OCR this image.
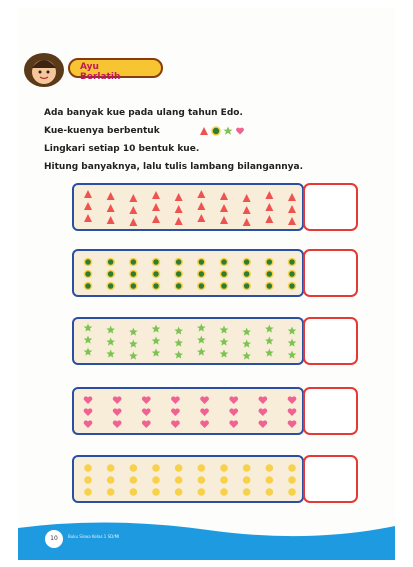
Ayu Berlatih
Ada banyak kue pada ulang tahun Edo.
Kue-kuenya berbentuk
Lingkari setiap 10 bentuk kue.
Hitung banyaknya, lalu tulis lambang bilangannya.
10	Buku Siswa Kelas 1 SD/MI
